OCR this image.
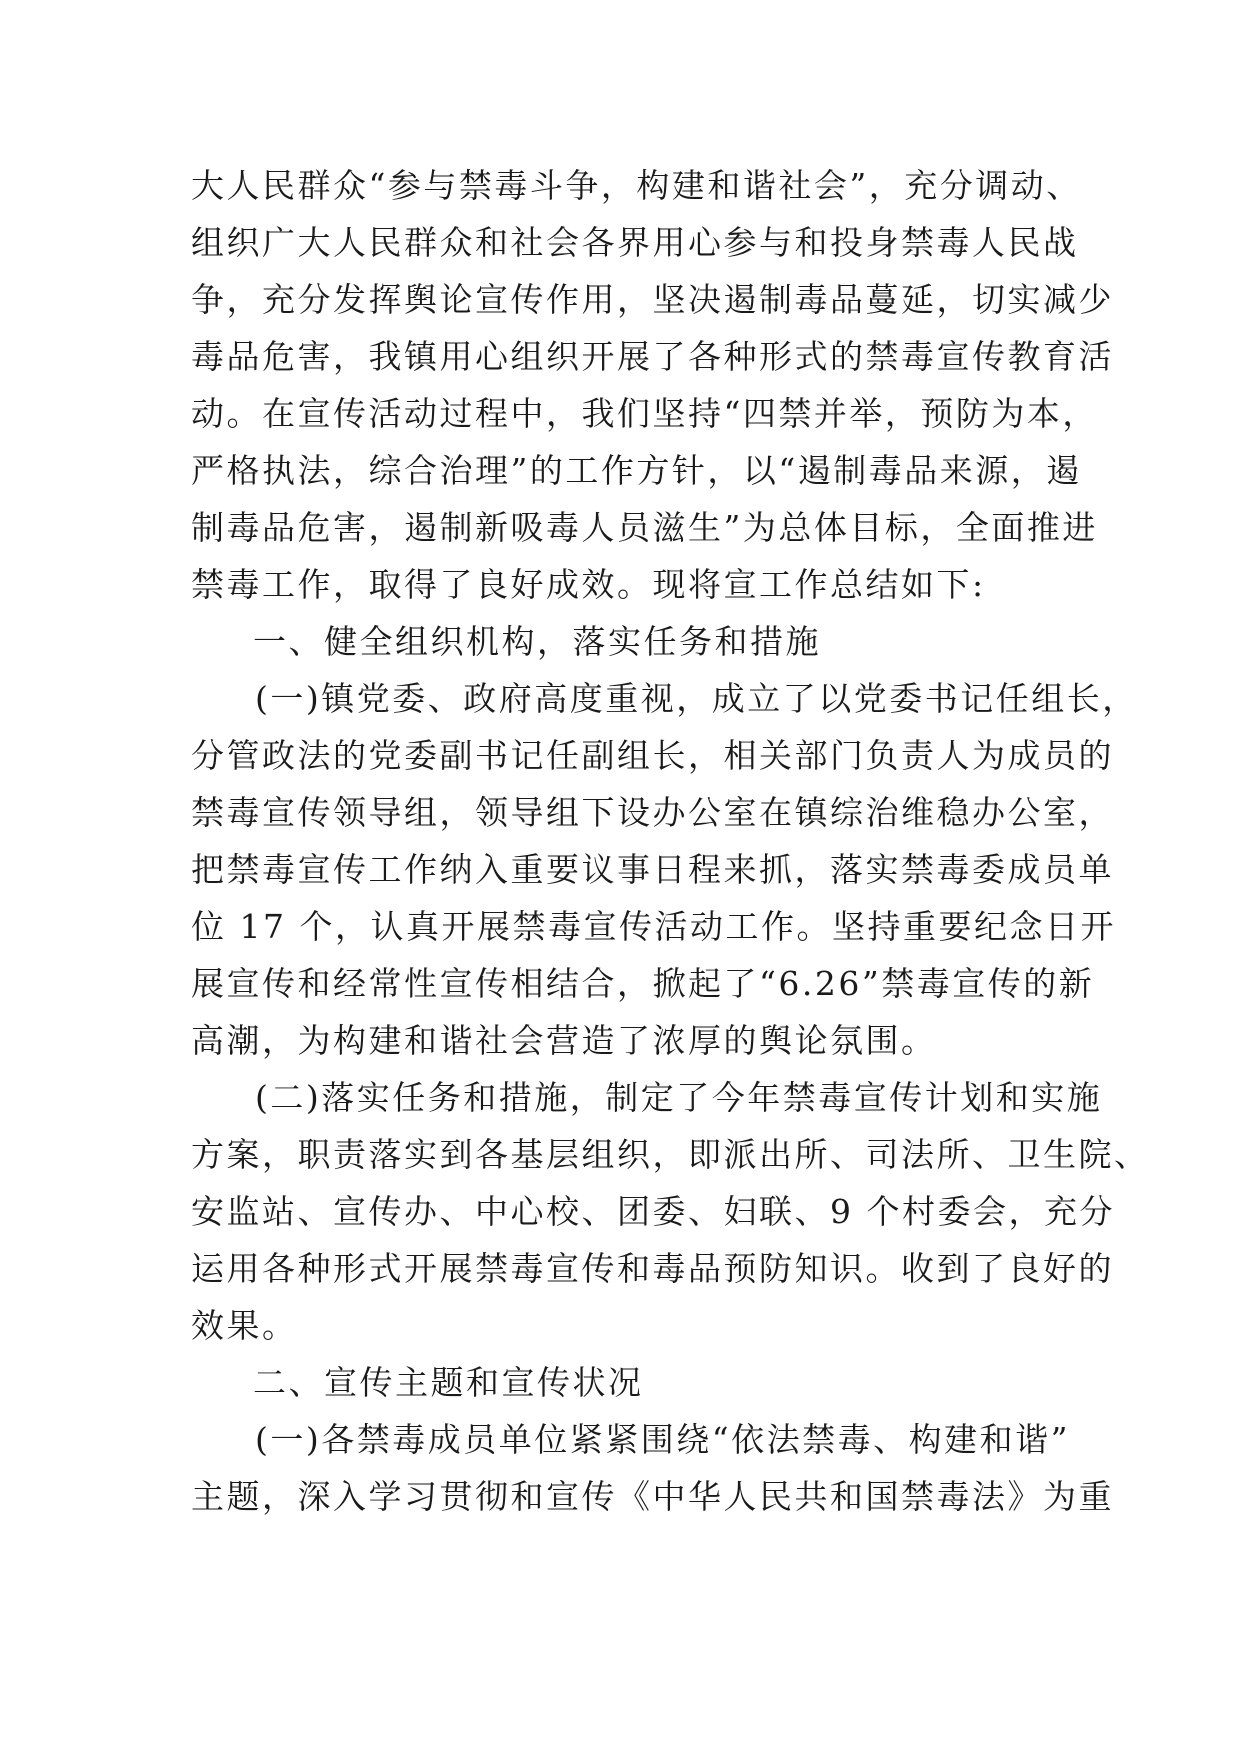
大人民群众“参与禁毒斗争，构建和谐社会”，充分调动、
组织广大人民群众和社会各界用心参与和投身禁毒人民战
争，充分发挥舆论宣传作用，坚决遏制毒品蔓延，切实减少
毒品危害，我镇用心组织开展了各种形式的禁毒宣传教育活
动。在宣传活动过程中，我们坚持“四禁并举，预防为本，
严格执法，综合治理”的工作方针，以“遏制毒品来源，遏
制毒品危害，遏制新吸毒人员滋生”为总体目标，全面推进
禁毒工作，取得了良好成效。现将宣工作总结如下:
一、健全组织机构，落实任务和措施
(一)镇党委、政府高度重视，成立了以党委书记任组长，
分管政法的党委副书记任副组长，相关部门负责人为成员的
禁毒宣传领导组，领导组下设办公室在镇综治维稳办公室，
把禁毒宣传工作纳入重要议事日程来抓，落实禁毒委成员单
位 17 个，认真开展禁毒宣传活动工作。坚持重要纪念日开
展宣传和经常性宣传相结合，掀起了“6.26”禁毒宣传的新
高潮，为构建和谐社会营造了浓厚的舆论氛围。
(二)落实任务和措施，制定了今年禁毒宣传计划和实施
方案，职责落实到各基层组织，即派出所、司法所、卫生院、
安监站、宣传办、中心校、团委、妇联、9 个村委会，充分
运用各种形式开展禁毒宣传和毒品预防知识。收到了良好的
效果。
二、宣传主题和宣传状况
(一)各禁毒成员单位紧紧围绕“依法禁毒、构建和谐”
主题，深入学习贯彻和宣传《中华人民共和国禁毒法》为重
